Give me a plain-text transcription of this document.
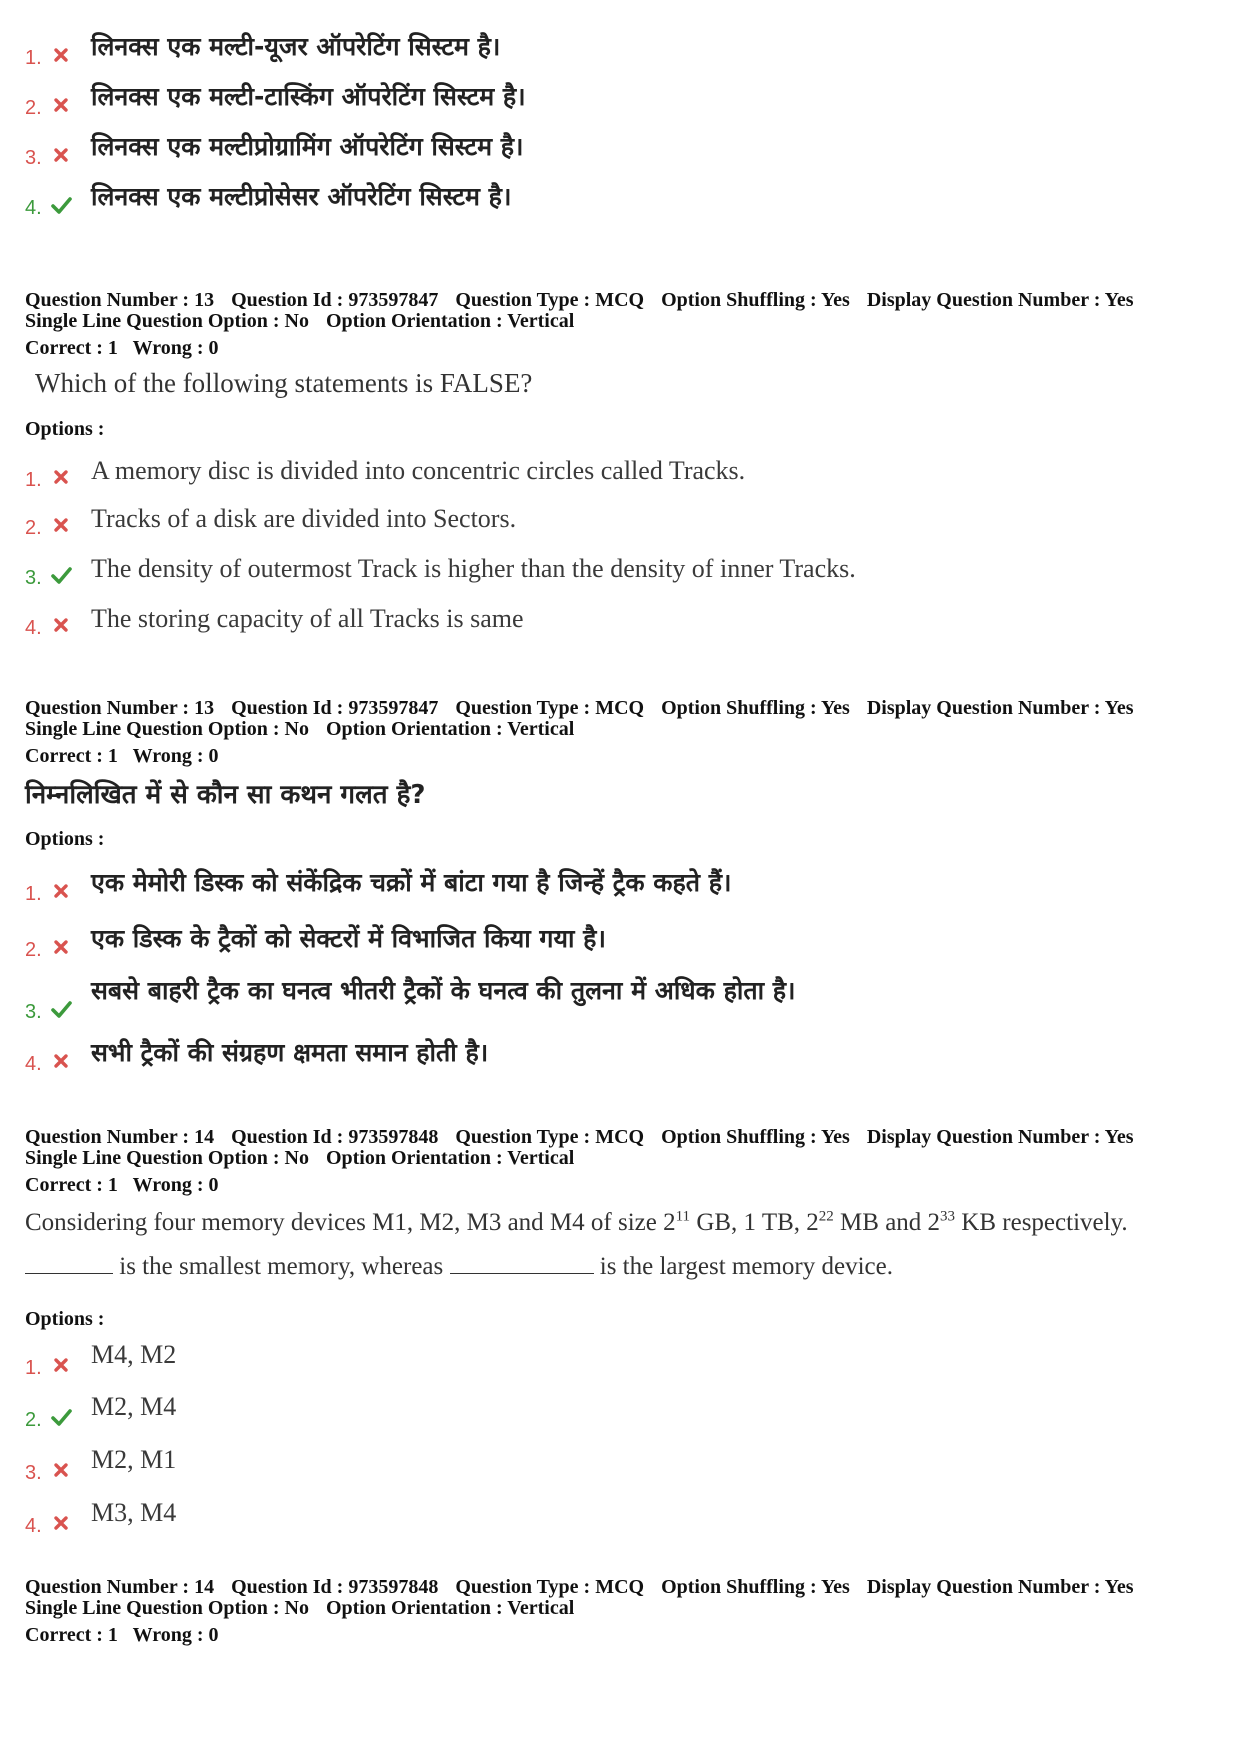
1. लिनक्स एक मल्टी-यूजर ऑपरेटिंग सिस्टम है।
2. लिनक्स एक मल्टी-टास्किंग ऑपरेटिंग सिस्टम है।
3. लिनक्स एक मल्टीप्रोग्रामिंग ऑपरेटिंग सिस्टम है।
4. लिनक्स एक मल्टीप्रोसेसर ऑपरेटिंग सिस्टम है।
Question Number : 13 Question Id : 973597847 Question Type : MCQ Option Shuffling : Yes Display Question Number : Yes
Single Line Question Option : No Option Orientation : Vertical
Correct : 1 Wrong : 0
Which of the following statements is FALSE?
Options :
1. A memory disc is divided into concentric circles called Tracks.
2. Tracks of a disk are divided into Sectors.
3. The density of outermost Track is higher than the density of inner Tracks.
4. The storing capacity of all Tracks is same
Question Number : 13 Question Id : 973597847 Question Type : MCQ Option Shuffling : Yes Display Question Number : Yes
Single Line Question Option : No Option Orientation : Vertical
Correct : 1 Wrong : 0
निम्नलिखित में से कौन सा कथन गलत है?
Options :
1. एक मेमोरी डिस्क को संकेंद्रिक चक्रों में बांटा गया है जिन्हें ट्रैक कहते हैं।
2. एक डिस्क के ट्रैकों को सेक्टरों में विभाजित किया गया है।
3.
सबसे बाहरी ट्रैक का घनत्व भीतरी ट्रैकों के घनत्व की तुलना में अधिक होता है।
4. सभी ट्रैकों की संग्रहण क्षमता समान होती है।
Question Number : 14 Question Id : 973597848 Question Type : MCQ Option Shuffling : Yes Display Question Number : Yes
Single Line Question Option : No Option Orientation : Vertical
Correct : 1 Wrong : 0
Considering four memory devices M1, M2, M3 and M4 of size $2^{11}$ GB, 1 TB, $2^{22}$ MB and $2^{33}$ KB respectively.
is the smallest memory, whereas	is the largest memory device.
Options :
1. M4, M2
2. M2, M4
3. M2, M1
4. M3, M4
Question Number : 14 Question Id : 973597848 Question Type : MCQ Option Shuffling : Yes Display Question Number : Yes
Single Line Question Option : No Option Orientation : Vertical
Correct : 1 Wrong : 0
